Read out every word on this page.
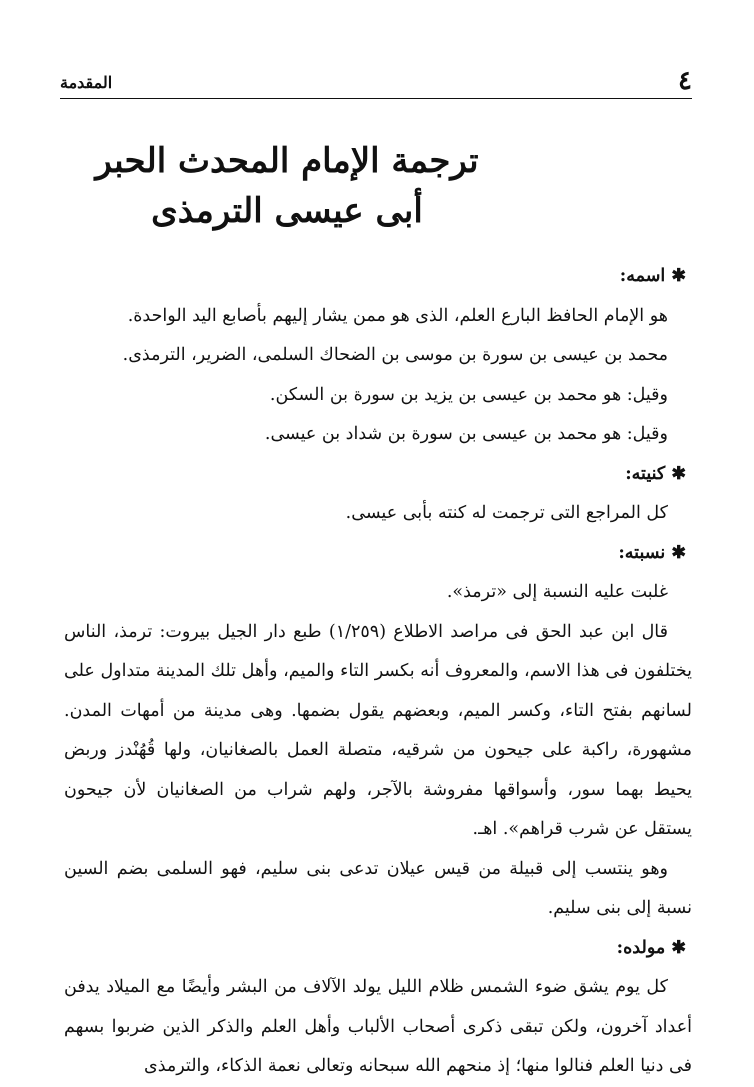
٤
المقدمة
ترجمة الإمام المحدث الحبر
أبى عيسى الترمذى

✱ اسمه:

هو الإمام الحافظ البارع العلم، الذى هو ممن يشار إليهم بأصابع اليد الواحدة.

محمد بن عيسى بن سورة بن موسى بن الضحاك السلمى، الضرير، الترمذى.

وقيل: هو محمد بن عيسى بن يزيد بن سورة بن السكن.

وقيل: هو محمد بن عيسى بن سورة بن شداد بن عيسى.

✱ كنيته:

كل المراجع التى ترجمت له كنته بأبى عيسى.

✱ نسبته:

غلبت عليه النسبة إلى «ترمذ».

قال ابن عبد الحق فى مراصد الاطلاع (١/٢٥٩) طبع دار الجيل بيروت: ترمذ، الناس يختلفون فى هذا الاسم، والمعروف أنه بكسر التاء والميم، وأهل تلك المدينة متداول على لسانهم بفتح التاء، وكسر الميم، وبعضهم يقول بضمها. وهى مدينة من أمهات المدن. مشهورة، راكبة على جيحون من شرقيه، متصلة العمل بالصغانيان، ولها قُهُنْدز وربض يحيط بهما سور، وأسواقها مفروشة بالآجر، ولهم شراب من الصغانيان لأن جيحون يستقل عن شرب قراهم». اهـ.

وهو ينتسب إلى قبيلة من قيس عيلان تدعى بنى سليم، فهو السلمى بضم السين نسبة إلى بنى سليم.

✱ مولده:

كل يوم يشق ضوء الشمس ظلام الليل يولد الآلاف من البشر وأيضًا مع الميلاد يدفن أعداد آخرون، ولكن تبقى ذكرى أصحاب الألباب وأهل العلم والذكر الذين ضربوا بسهم فى دنيا العلم فنالوا منها؛ إذ منحهم الله سبحانه وتعالى نعمة الذكاء، والترمذى
